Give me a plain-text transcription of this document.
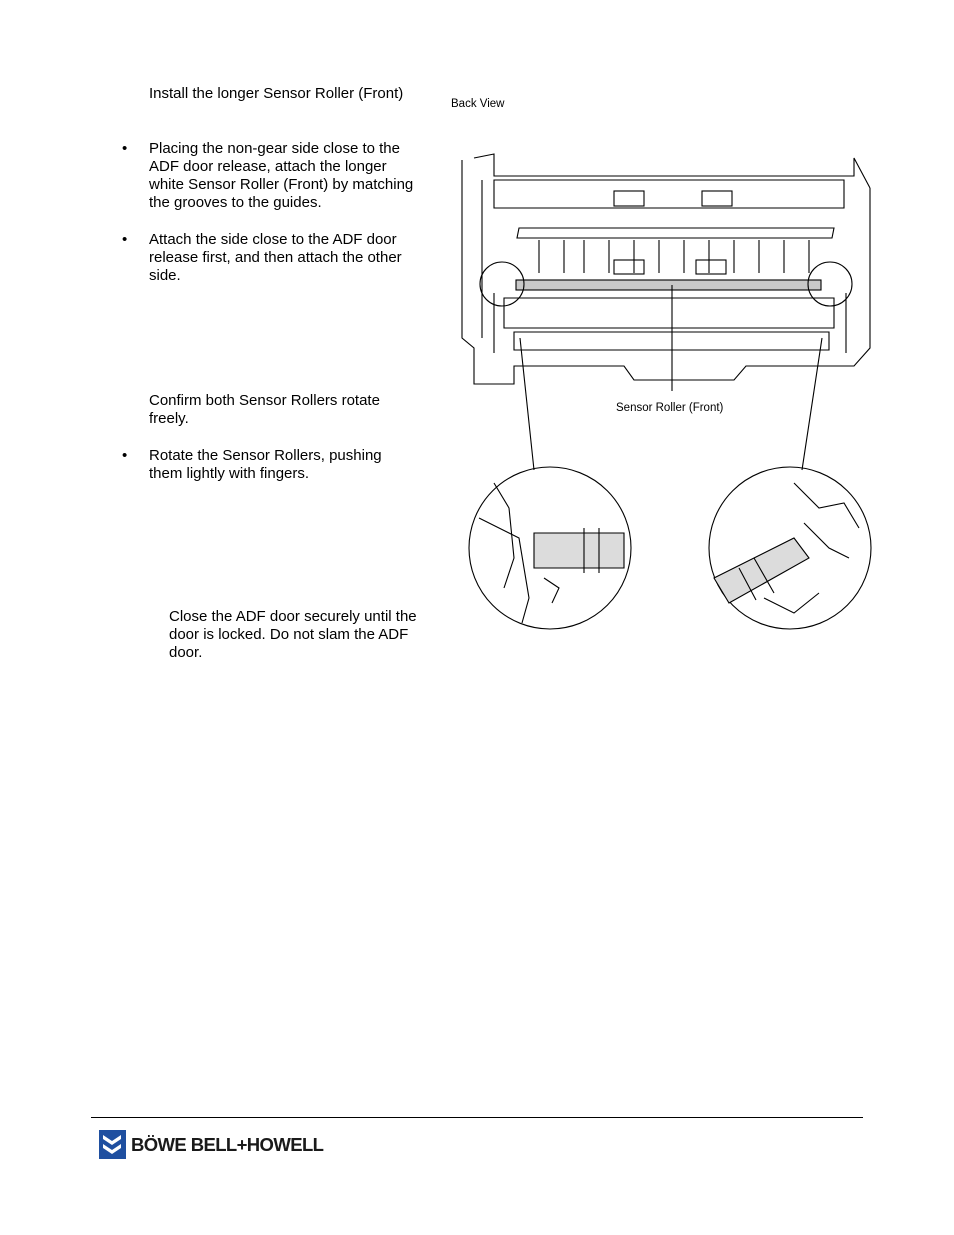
Install the longer Sensor Roller (Front)
• Placing the non-gear side close to the ADF door release, attach the longer white Sensor Roller (Front) by matching the grooves to the guides.
• Attach the side close to the ADF door release first, and then attach the other side.
Confirm both Sensor Rollers rotate freely.
• Rotate the Sensor Rollers, pushing them lightly with fingers.
Close the ADF door securely until the door is locked. Do not slam the ADF door.
Back View
Sensor Roller (Front)
BÖWE BELL+HOWELL
